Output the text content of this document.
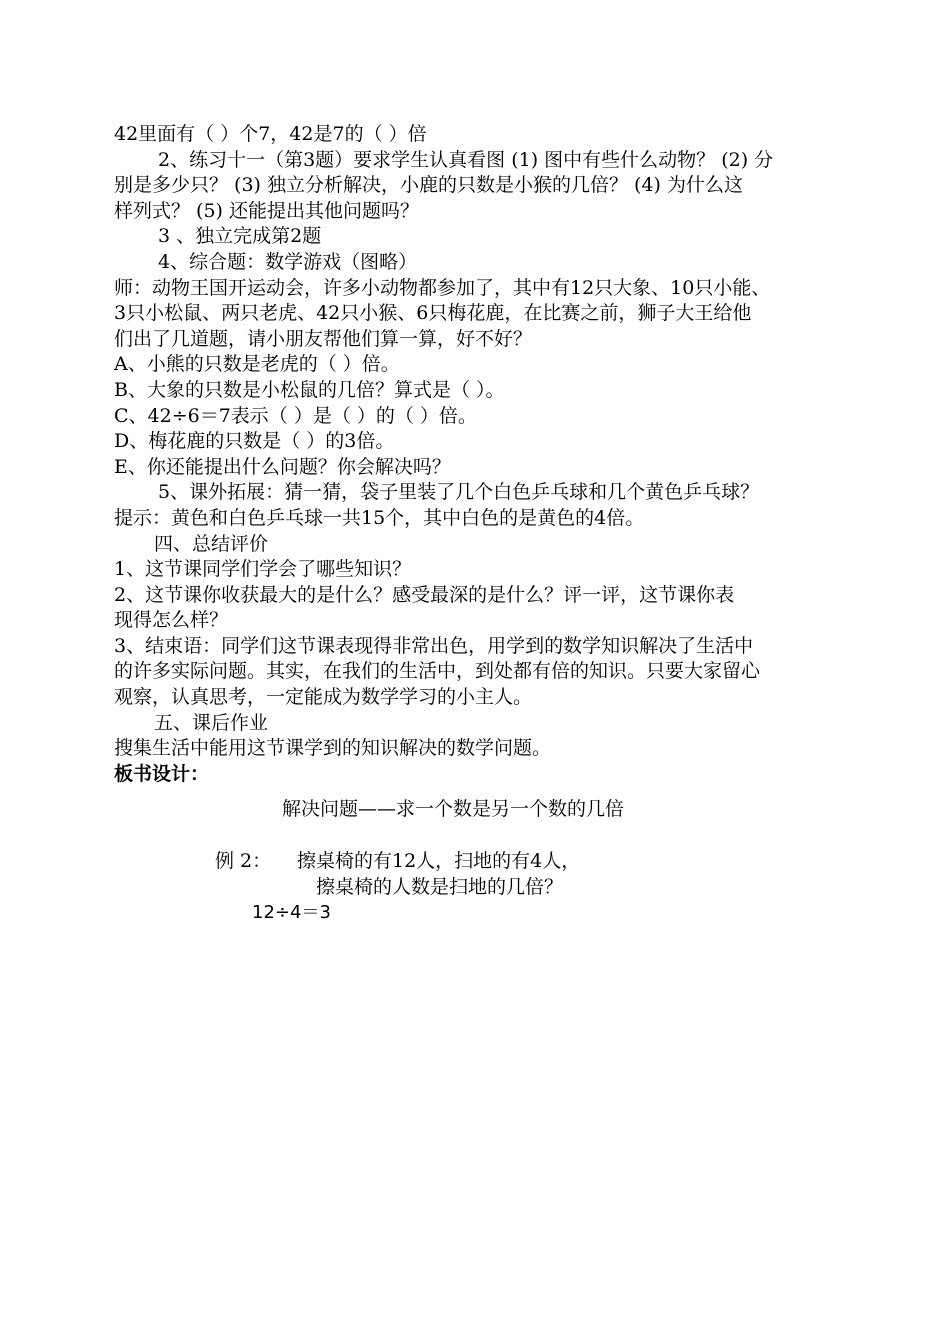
42里面有（ ）个7，42是7的（ ）倍
2、练习十一（第3题）要求学生认真看图 (1) 图中有些什么动物？ (2) 分
别是多少只？ (3) 独立分析解决，小鹿的只数是小猴的几倍？ (4) 为什么这
样列式？ (5) 还能提出其他问题吗？
3 、独立完成第2题
4、综合题：数学游戏（图略）
师：动物王国开运动会，许多小动物都参加了，其中有12只大象、10只小能、
3只小松鼠、两只老虎、42只小猴、6只梅花鹿，在比赛之前，狮子大王给他
们出了几道题，请小朋友帮他们算一算，好不好？
A、小熊的只数是老虎的（ ）倍。
B、大象的只数是小松鼠的几倍？算式是（ ）。
C、42÷6＝7表示（ ）是（ ）的（ ）倍。
D、梅花鹿的只数是（ ）的3倍。
E、你还能提出什么问题？你会解决吗？
5、课外拓展：猜一猜，袋子里装了几个白色乒乓球和几个黄色乒乓球？
提示：黄色和白色乒乓球一共15个，其中白色的是黄色的4倍。
四、总结评价
1、这节课同学们学会了哪些知识？
2、这节课你收获最大的是什么？感受最深的是什么？评一评，这节课你表
现得怎么样？
3、结束语：同学们这节课表现得非常出色，用学到的数学知识解决了生活中
的许多实际问题。其实，在我们的生活中，到处都有倍的知识。只要大家留心
观察，认真思考，一定能成为数学学习的小主人。
五、课后作业
搜集生活中能用这节课学到的知识解决的数学问题。
板书设计：
解决问题——求一个数是另一个数的几倍
例 2： 擦桌椅的有12人，扫地的有4人，
擦桌椅的人数是扫地的几倍？
12÷4＝3
